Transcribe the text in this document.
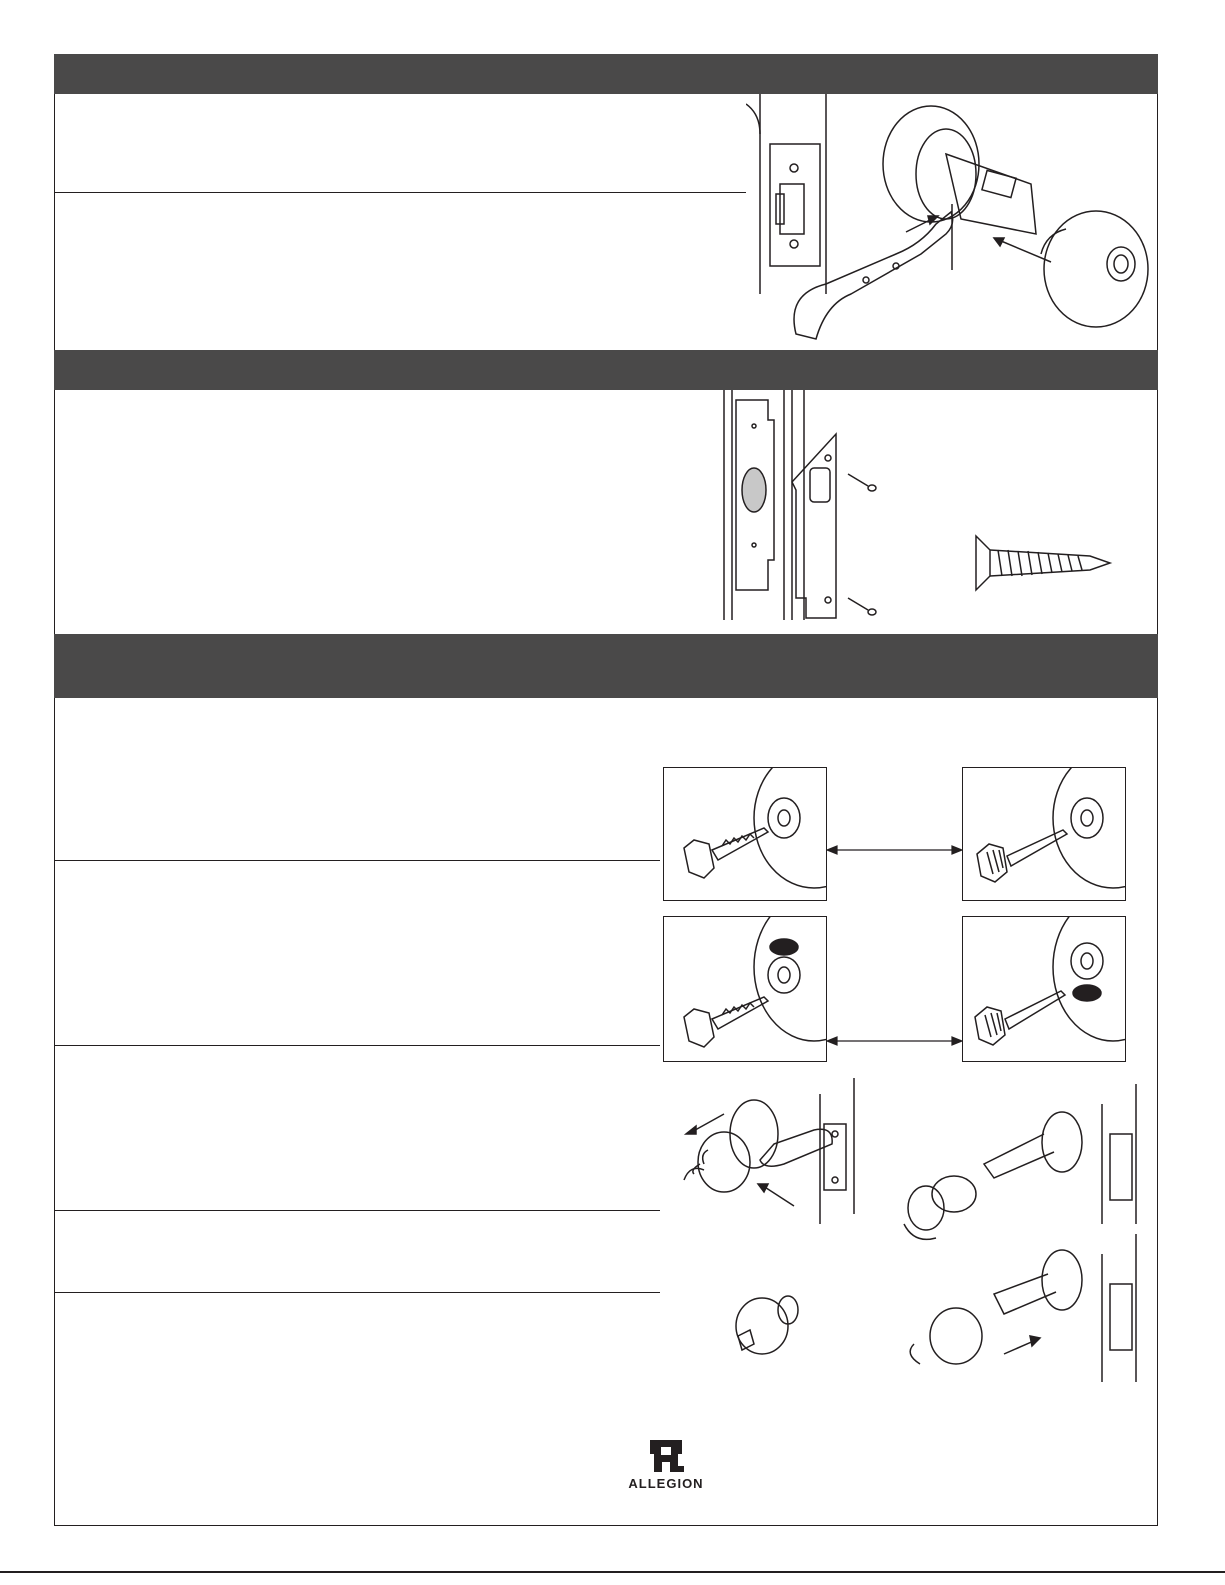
ALLEGION
